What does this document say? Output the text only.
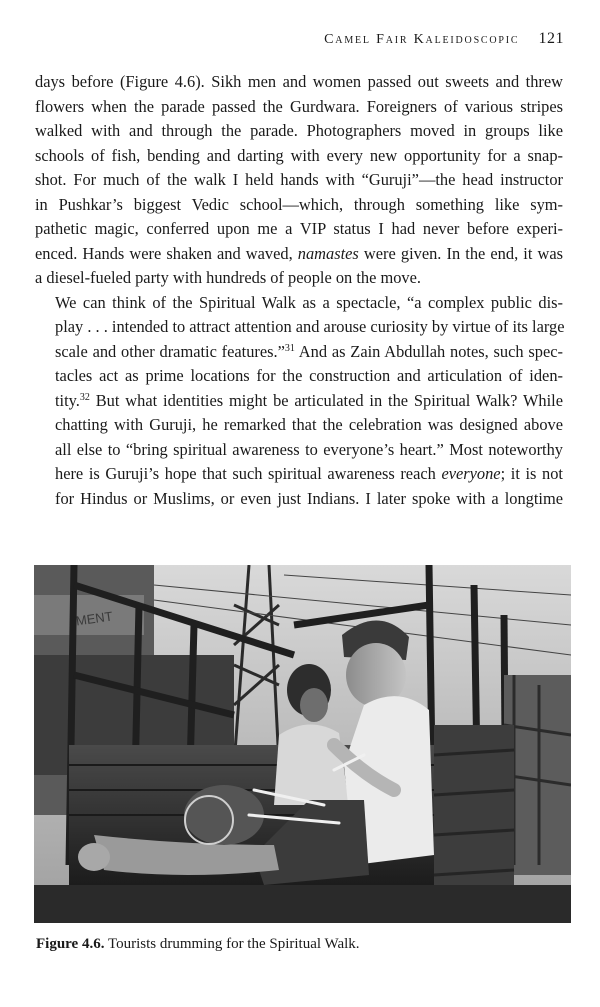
Camel Fair Kaleidoscopic 121

days before (Figure 4.6). Sikh men and women passed out sweets and threw
flowers when the parade passed the Gurdwara. Foreigners of various stripes
walked with and through the parade. Photographers moved in groups like
schools of fish, bending and darting with every new opportunity for a snap-
shot. For much of the walk I held hands with “Guruji”—the head instructor
in Pushkar’s biggest Vedic school—which, through something like sym-
pathetic magic, conferred upon me a VIP status I had never before experi-
enced. Hands were shaken and waved, namastes were given. In the end, it was
a diesel-fueled party with hundreds of people on the move.

We can think of the Spiritual Walk as a spectacle, “a complex public dis-
play . . . intended to attract attention and arouse curiosity by virtue of its large
scale and other dramatic features.”$^{31}$ And as Zain Abdullah notes, such spec-
tacles act as prime locations for the construction and articulation of iden-
tity.$^{32}$ But what identities might be articulated in the Spiritual Walk? While
chatting with Guruji, he remarked that the celebration was designed above
all else to “bring spiritual awareness to everyone’s heart.” Most noteworthy
here is Guruji’s hope that such spiritual awareness reach everyone; it is not
for Hindus or Muslims, or even just Indians. I later spoke with a longtime

MENT
Figure 4.6. Tourists drumming for the Spiritual Walk.
